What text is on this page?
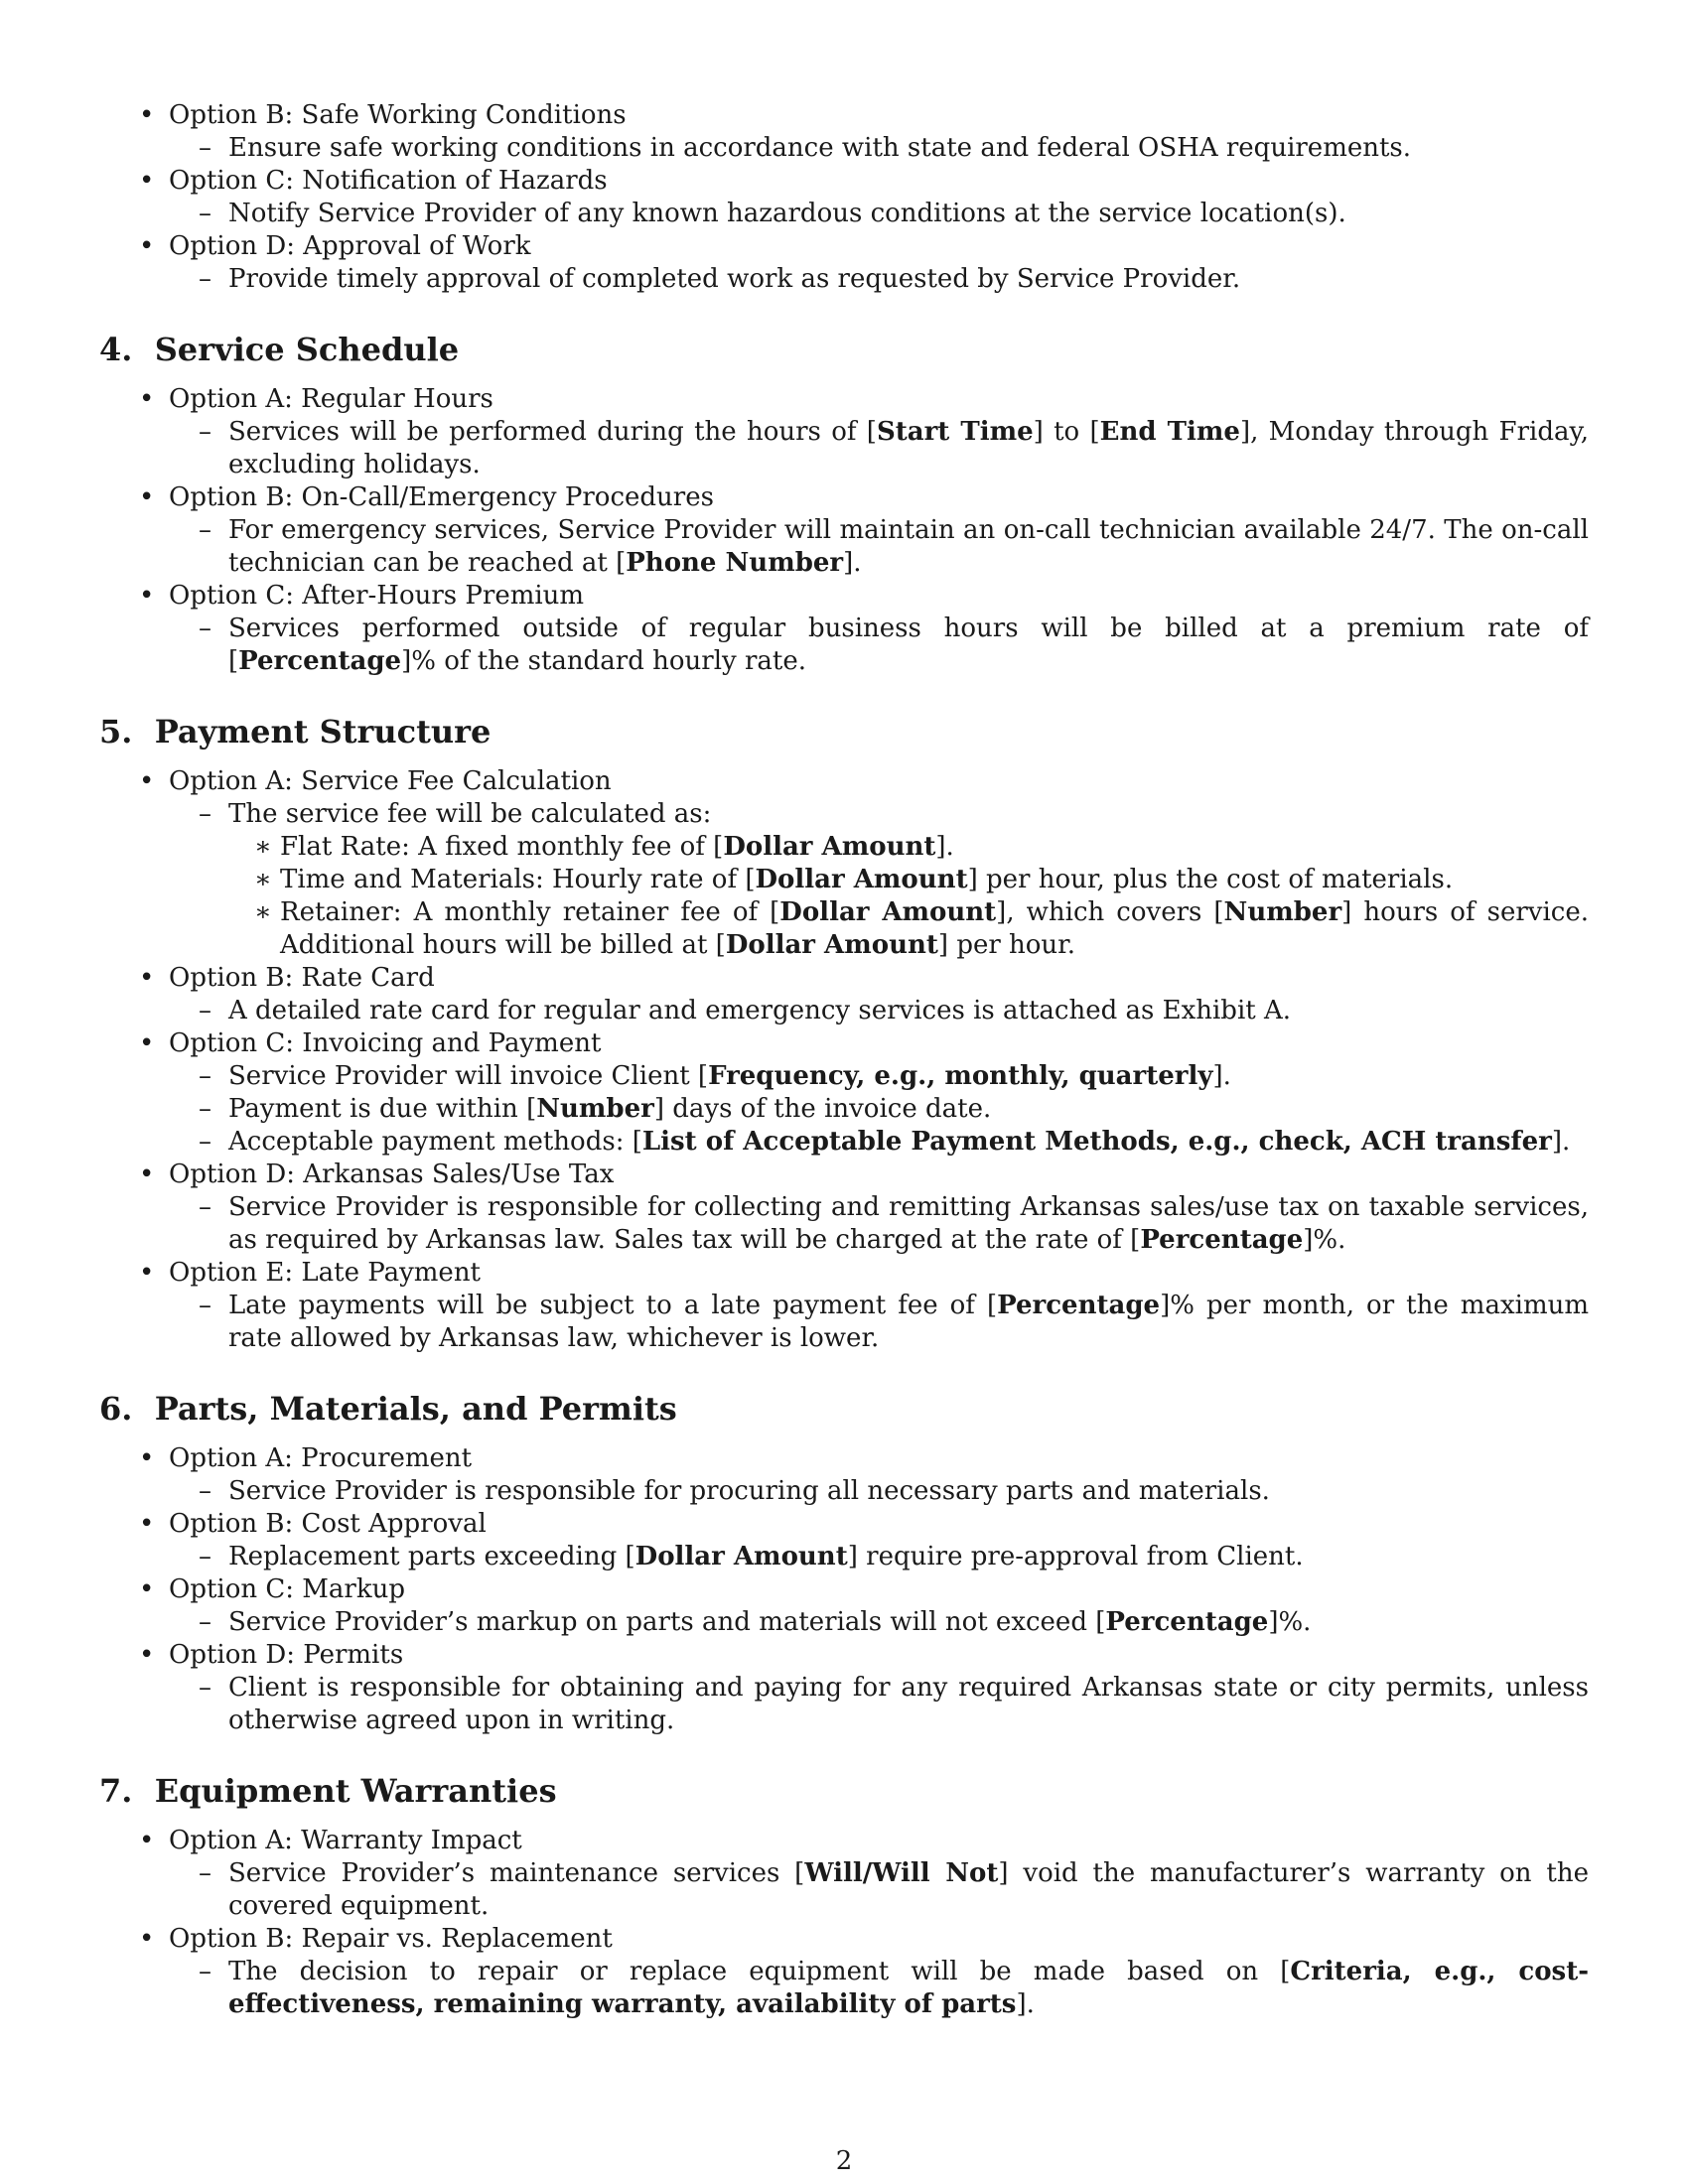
• Option B: Safe Working Conditions
– Ensure safe working conditions in accordance with state and federal OSHA requirements.
• Option C: Notification of Hazards
– Notify Service Provider of any known hazardous conditions at the service location(s).
• Option D: Approval of Work
– Provide timely approval of completed work as requested by Service Provider.
4.  Service Schedule
• Option A: Regular Hours
– Services will be performed during the hours of [Start Time] to [End Time], Monday through Friday, excluding holidays.
• Option B: On-Call/Emergency Procedures
– For emergency services, Service Provider will maintain an on-call technician available 24/7. The on-call technician can be reached at [Phone Number].
• Option C: After-Hours Premium
– Services performed outside of regular business hours will be billed at a premium rate of [Percentage]% of the standard hourly rate.
5.  Payment Structure
• Option A: Service Fee Calculation
– The service fee will be calculated as:
∗ Flat Rate: A fixed monthly fee of [Dollar Amount].
∗ Time and Materials: Hourly rate of [Dollar Amount] per hour, plus the cost of materials.
∗ Retainer: A monthly retainer fee of [Dollar Amount], which covers [Number] hours of service. Additional hours will be billed at [Dollar Amount] per hour.
• Option B: Rate Card
– A detailed rate card for regular and emergency services is attached as Exhibit A.
• Option C: Invoicing and Payment
– Service Provider will invoice Client [Frequency, e.g., monthly, quarterly].
– Payment is due within [Number] days of the invoice date.
– Acceptable payment methods: [List of Acceptable Payment Methods, e.g., check, ACH transfer].
• Option D: Arkansas Sales/Use Tax
– Service Provider is responsible for collecting and remitting Arkansas sales/use tax on taxable services, as required by Arkansas law. Sales tax will be charged at the rate of [Percentage]%.
• Option E: Late Payment
– Late payments will be subject to a late payment fee of [Percentage]% per month, or the maximum rate allowed by Arkansas law, whichever is lower.
6.  Parts, Materials, and Permits
• Option A: Procurement
– Service Provider is responsible for procuring all necessary parts and materials.
• Option B: Cost Approval
– Replacement parts exceeding [Dollar Amount] require pre-approval from Client.
• Option C: Markup
– Service Provider’s markup on parts and materials will not exceed [Percentage]%.
• Option D: Permits
– Client is responsible for obtaining and paying for any required Arkansas state or city permits, unless otherwise agreed upon in writing.
7.  Equipment Warranties
• Option A: Warranty Impact
– Service Provider’s maintenance services [Will/Will Not] void the manufacturer’s warranty on the covered equipment.
• Option B: Repair vs. Replacement
– The decision to repair or replace equipment will be made based on [Criteria, e.g., cost-effectiveness, remaining warranty, availability of parts].
2
